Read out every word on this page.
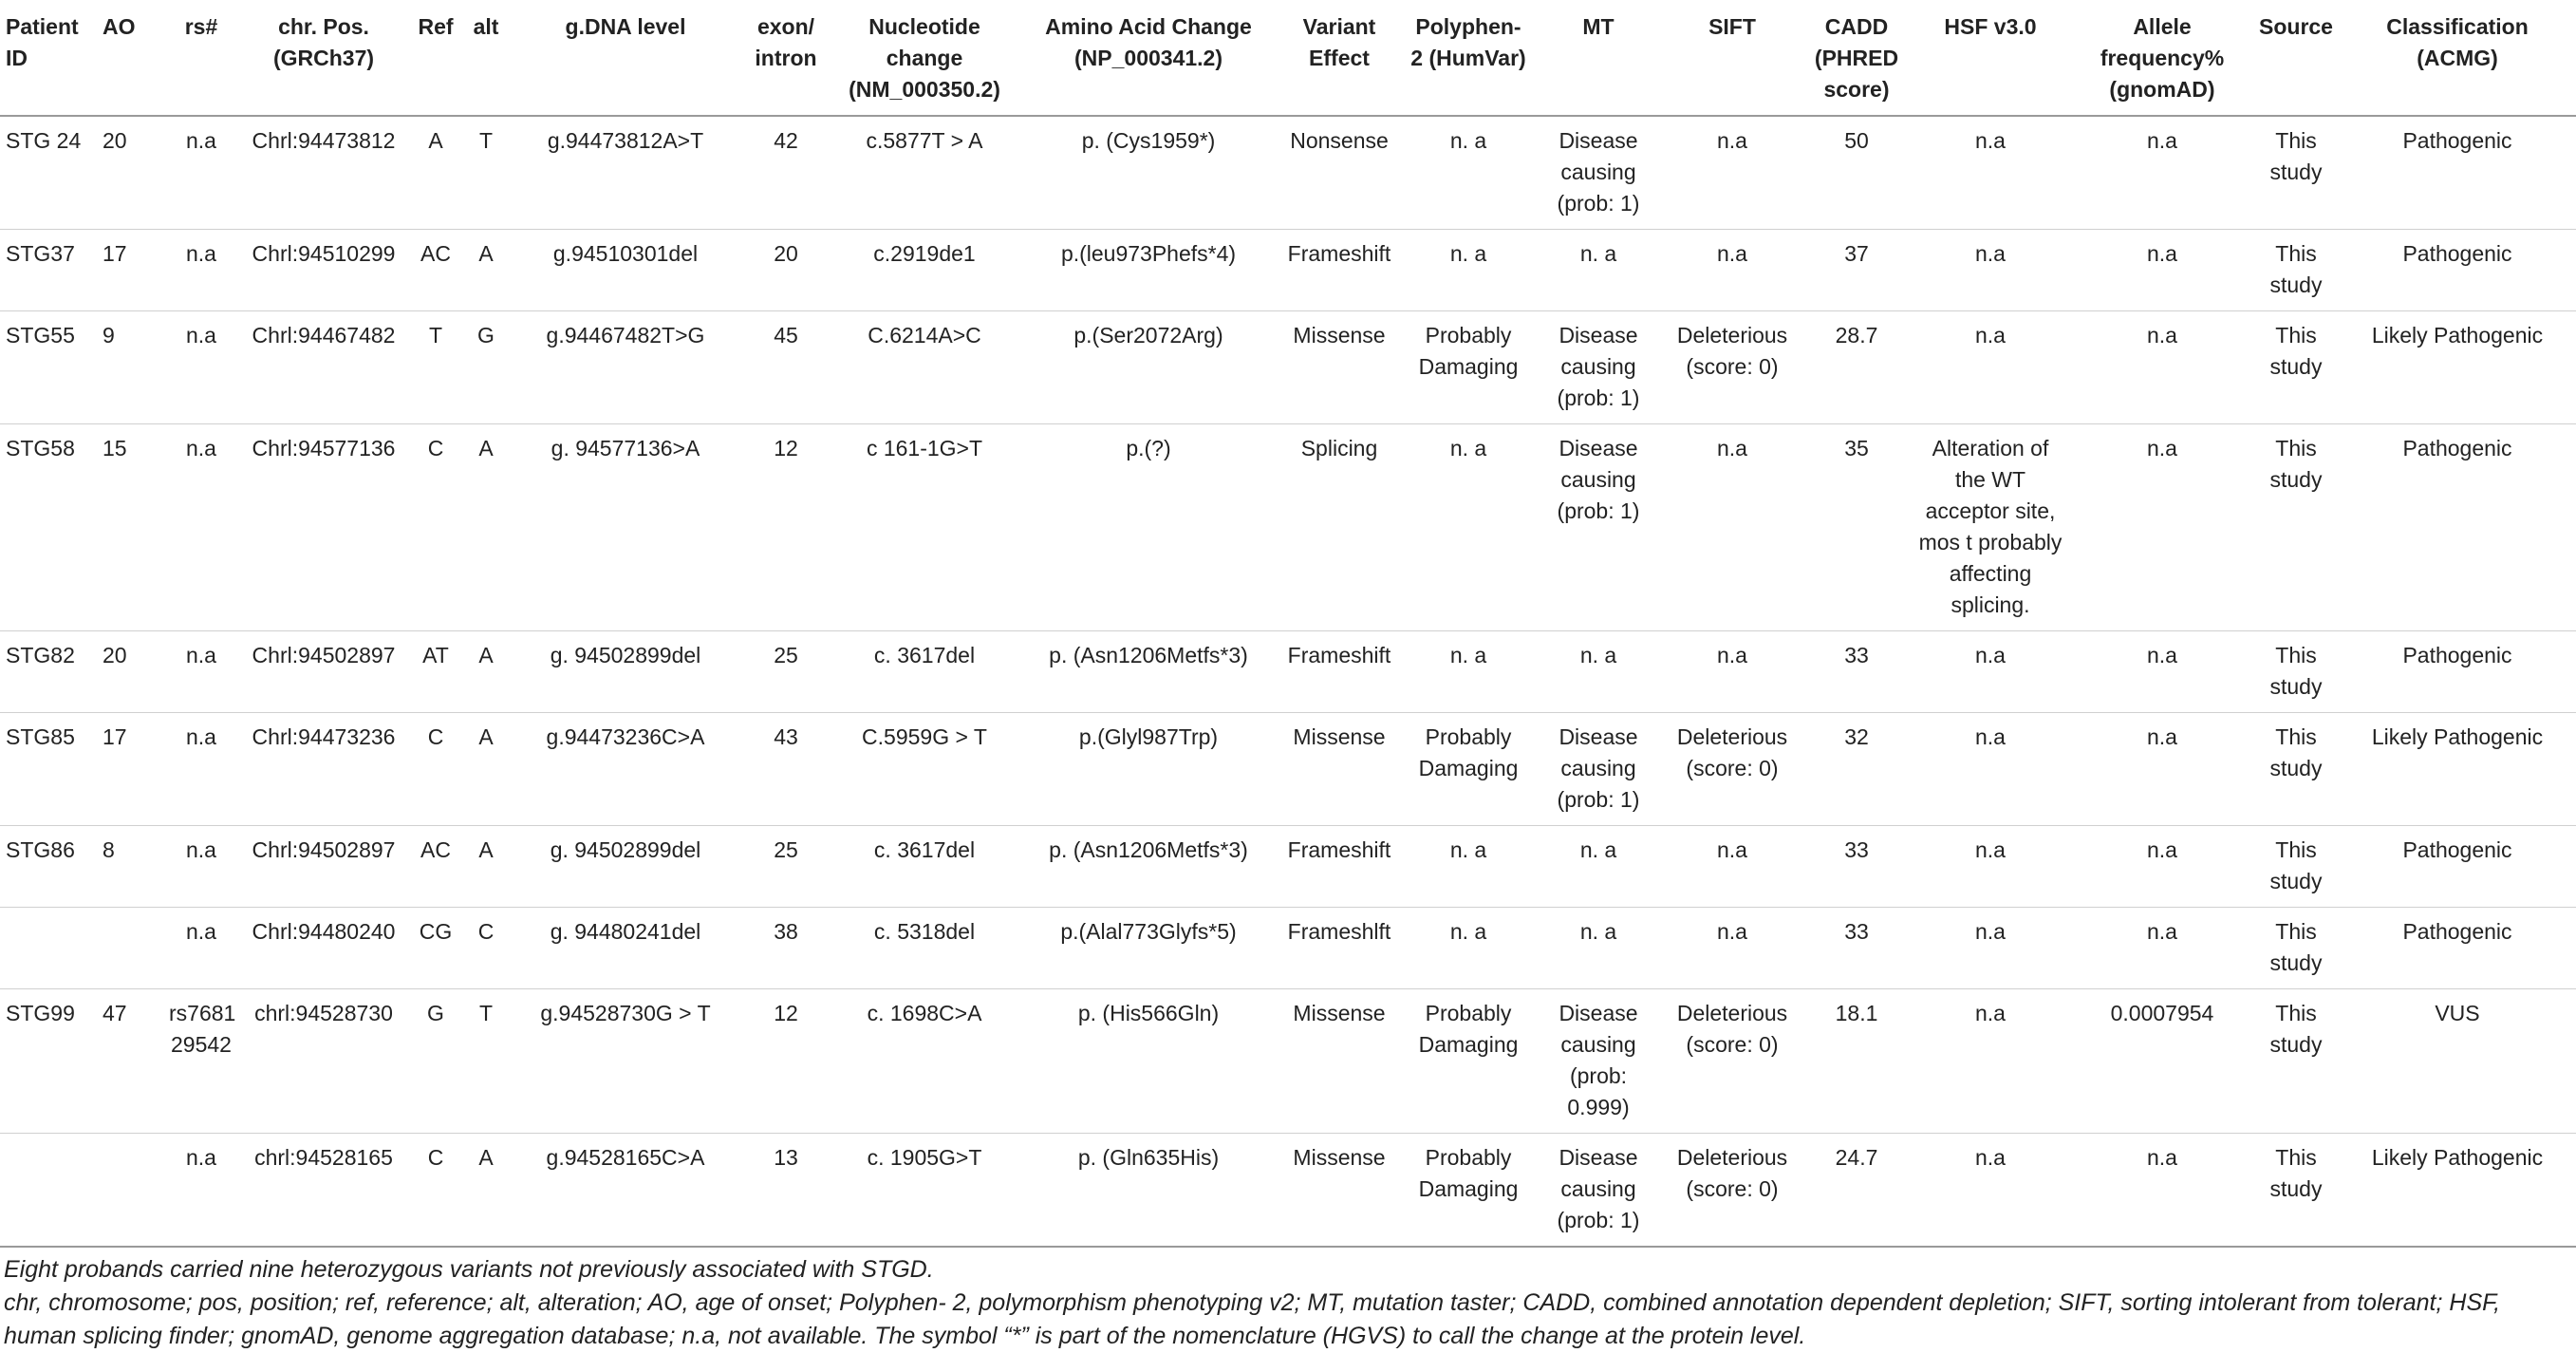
Patient ID	AO	rs#	chr. Pos.(GRCh37)	Ref	alt	g.DNA level	exon/ intron	Nucleotide change (NM_000350.2)	Amino Acid Change (NP_000341.2)	Variant Effect	Polyphen- 2 (HumVar)	MT	SIFT	CADD (PHRED score)	HSF v3.0	Allele frequency% (gnomAD)	Source	Classification (ACMG)
STG 24	20	n.a	Chrl:94473812	A	T	g.94473812A>T	42	c.5877T > A	p. (Cys1959*)	Nonsense	n. a	Disease causing (prob: 1)	n.a	50	n.a	n.a	This study	Pathogenic
STG37	17	n.a	Chrl:94510299	AC	A	g.94510301del	20	c.2919de1	p.(leu973Phefs*4)	Frameshift	n. a	n. a	n.a	37	n.a	n.a	This study	Pathogenic
STG55	9	n.a	Chrl:94467482	T	G	g.94467482T>G	45	C.6214A>C	p.(Ser2072Arg)	Missense	Probably Damaging	Disease causing (prob: 1)	Deleterious (score: 0)	28.7	n.a	n.a	This study	Likely Pathogenic
STG58	15	n.a	Chrl:94577136	C	A	g. 94577136>A	12	c 161-1G>T	p.(?)	Splicing	n. a	Disease causing (prob: 1)	n.a	35	Alteration of the WT acceptor site, mos t probably affecting splicing.	n.a	This study	Pathogenic
STG82	20	n.a	Chrl:94502897	AT	A	g. 94502899del	25	c. 3617del	p. (Asn1206Metfs*3)	Frameshift	n. a	n. a	n.a	33	n.a	n.a	This study	Pathogenic
STG85	17	n.a	Chrl:94473236	C	A	g.94473236C>A	43	C.5959G > T	p.(Glyl987Trp)	Missense	Probably Damaging	Disease causing (prob: 1)	Deleterious (score: 0)	32	n.a	n.a	This study	Likely Pathogenic
STG86	8	n.a	Chrl:94502897	AC	A	g. 94502899del	25	c. 3617del	p. (Asn1206Metfs*3)	Frameshift	n. a	n. a	n.a	33	n.a	n.a	This study	Pathogenic
		n.a	Chrl:94480240	CG	C	g. 94480241del	38	c. 5318del	p.(Alal773Glyfs*5)	Frameshlft	n. a	n. a	n.a	33	n.a	n.a	This study	Pathogenic
STG99	47	rs7681 29542	chrl:94528730	G	T	g.94528730G > T	12	c. 1698C>A	p. (His566Gln)	Missense	Probably Damaging	Disease causing (prob: 0.999)	Deleterious (score: 0)	18.1	n.a	0.0007954	This study	VUS
		n.a	chrl:94528165	C	A	g.94528165C>A	13	c. 1905G>T	p. (Gln635His)	Missense	Probably Damaging	Disease causing (prob: 1)	Deleterious (score: 0)	24.7	n.a	n.a	This study	Likely Pathogenic

Eight probands carried nine heterozygous variants not previously associated with STGD.

chr, chromosome; pos, position; ref, reference; alt, alteration; AO, age of onset; Polyphen- 2, polymorphism phenotyping v2; MT, mutation taster; CADD, combined annotation dependent depletion; SIFT, sorting intolerant from tolerant; HSF, human splicing finder; gnomAD, genome aggregation database; n.a, not available. The symbol “*” is part of the nomenclature (HGVS) to call the change at the protein level.
